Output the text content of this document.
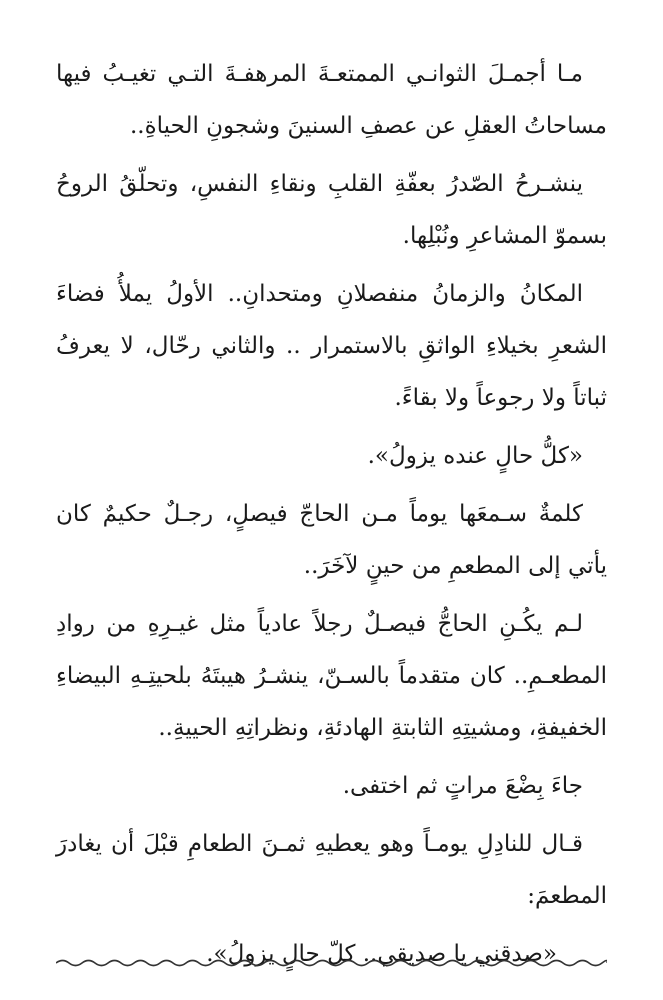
مـا أجمـلَ الثوانـي الممتعـةَ المرهفـةَ التـي تغيـبُ فيها مساحاتُ العقلِ عن عصفِ السنينَ وشجونِ الحياةِ..

ينشـرحُ الصّدرُ بعفّةِ القلبِ ونقاءِ النفسِ، وتحلّقُ الروحُ بسموّ المشاعرِ ونُبْلِها.

المكانُ والزمانُ منفصلانِ ومتحدانِ.. الأولُ يملأُ فضاءَ الشعرِ بخيلاءِ الواثقِ بالاستمرار .. والثاني رحّال، لا يعرفُ ثباتاً ولا رجوعاً ولا بقاءً.

«كلُّ حالٍ عنده يزولُ».

كلمةٌ سـمعَها يوماً مـن الحاجّ فيصلٍ، رجـلٌ حكيمٌ كان يأتي إلى المطعمِ من حينٍ لآخَرَ..

لـم يكُـنِ الحاجُّ فيصـلٌ رجلاً عادياً مثل غيـرِهِ من روادِ المطعـمِ.. كان متقدماً بالسـنّ، ينشـرُ هيبتَهُ بلحيتِـهِ البيضاءِ الخفيفةِ، ومشيتِهِ الثابتةِ الهادئةِ، ونظراتِهِ الحييةِ..

جاءَ بِضْعَ مراتٍ ثم اختفى.

قـال للنادِلِ يومـاً وهو يعطيهِ ثمـنَ الطعامِ قبْلَ أن يغادرَ المطعمَ:

«صدقني يا صديقي.. كلّ حالٍ يزولُ».
